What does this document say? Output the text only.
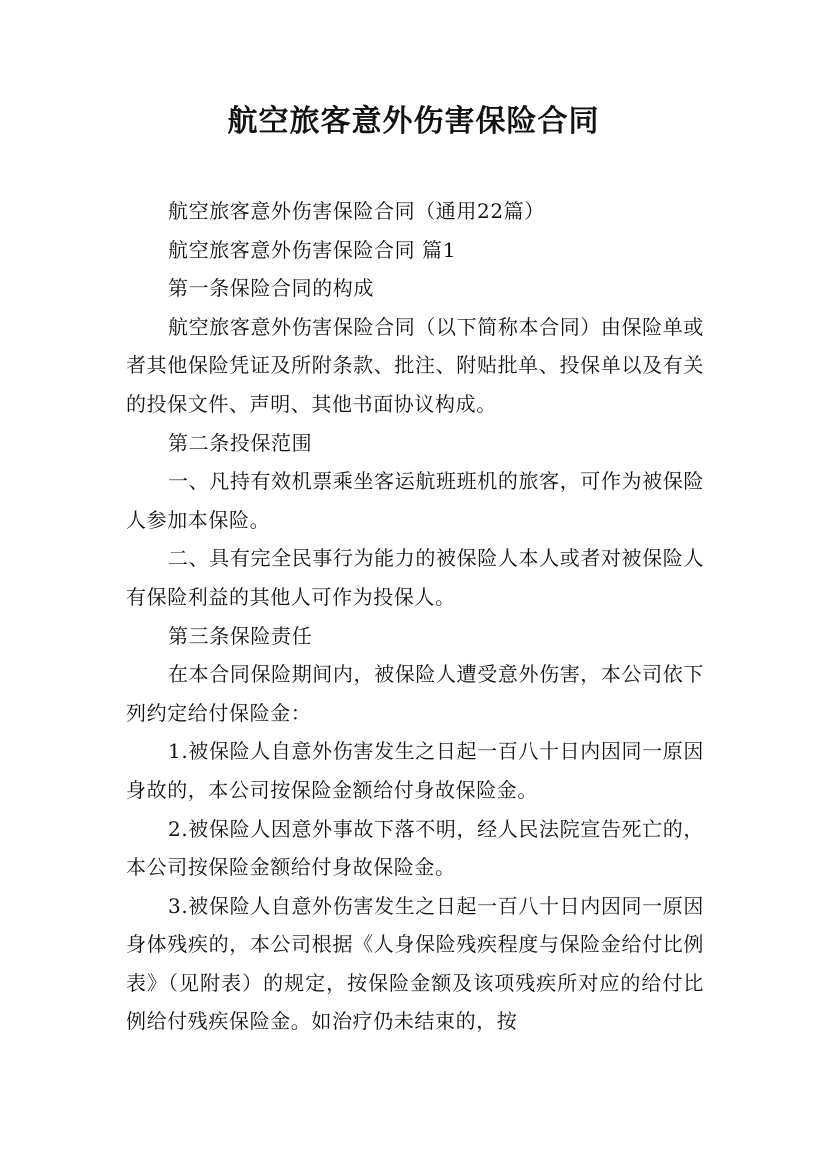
航空旅客意外伤害保险合同

航空旅客意外伤害保险合同（通用22篇）

航空旅客意外伤害保险合同 篇1

第一条保险合同的构成

航空旅客意外伤害保险合同（以下简称本合同）由保险单或者其他保险凭证及所附条款、批注、附贴批单、投保单以及有关的投保文件、声明、其他书面协议构成。

第二条投保范围

一、凡持有效机票乘坐客运航班班机的旅客，可作为被保险人参加本保险。

二、具有完全民事行为能力的被保险人本人或者对被保险人有保险利益的其他人可作为投保人。

第三条保险责任

在本合同保险期间内，被保险人遭受意外伤害，本公司依下列约定给付保险金：

1.被保险人自意外伤害发生之日起一百八十日内因同一原因身故的，本公司按保险金额给付身故保险金。

2.被保险人因意外事故下落不明，经人民法院宣告死亡的，本公司按保险金额给付身故保险金。

3.被保险人自意外伤害发生之日起一百八十日内因同一原因身体残疾的，本公司根据《人身保险残疾程度与保险金给付比例表》（见附表）的规定，按保险金额及该项残疾所对应的给付比例给付残疾保险金。如治疗仍未结束的，按
